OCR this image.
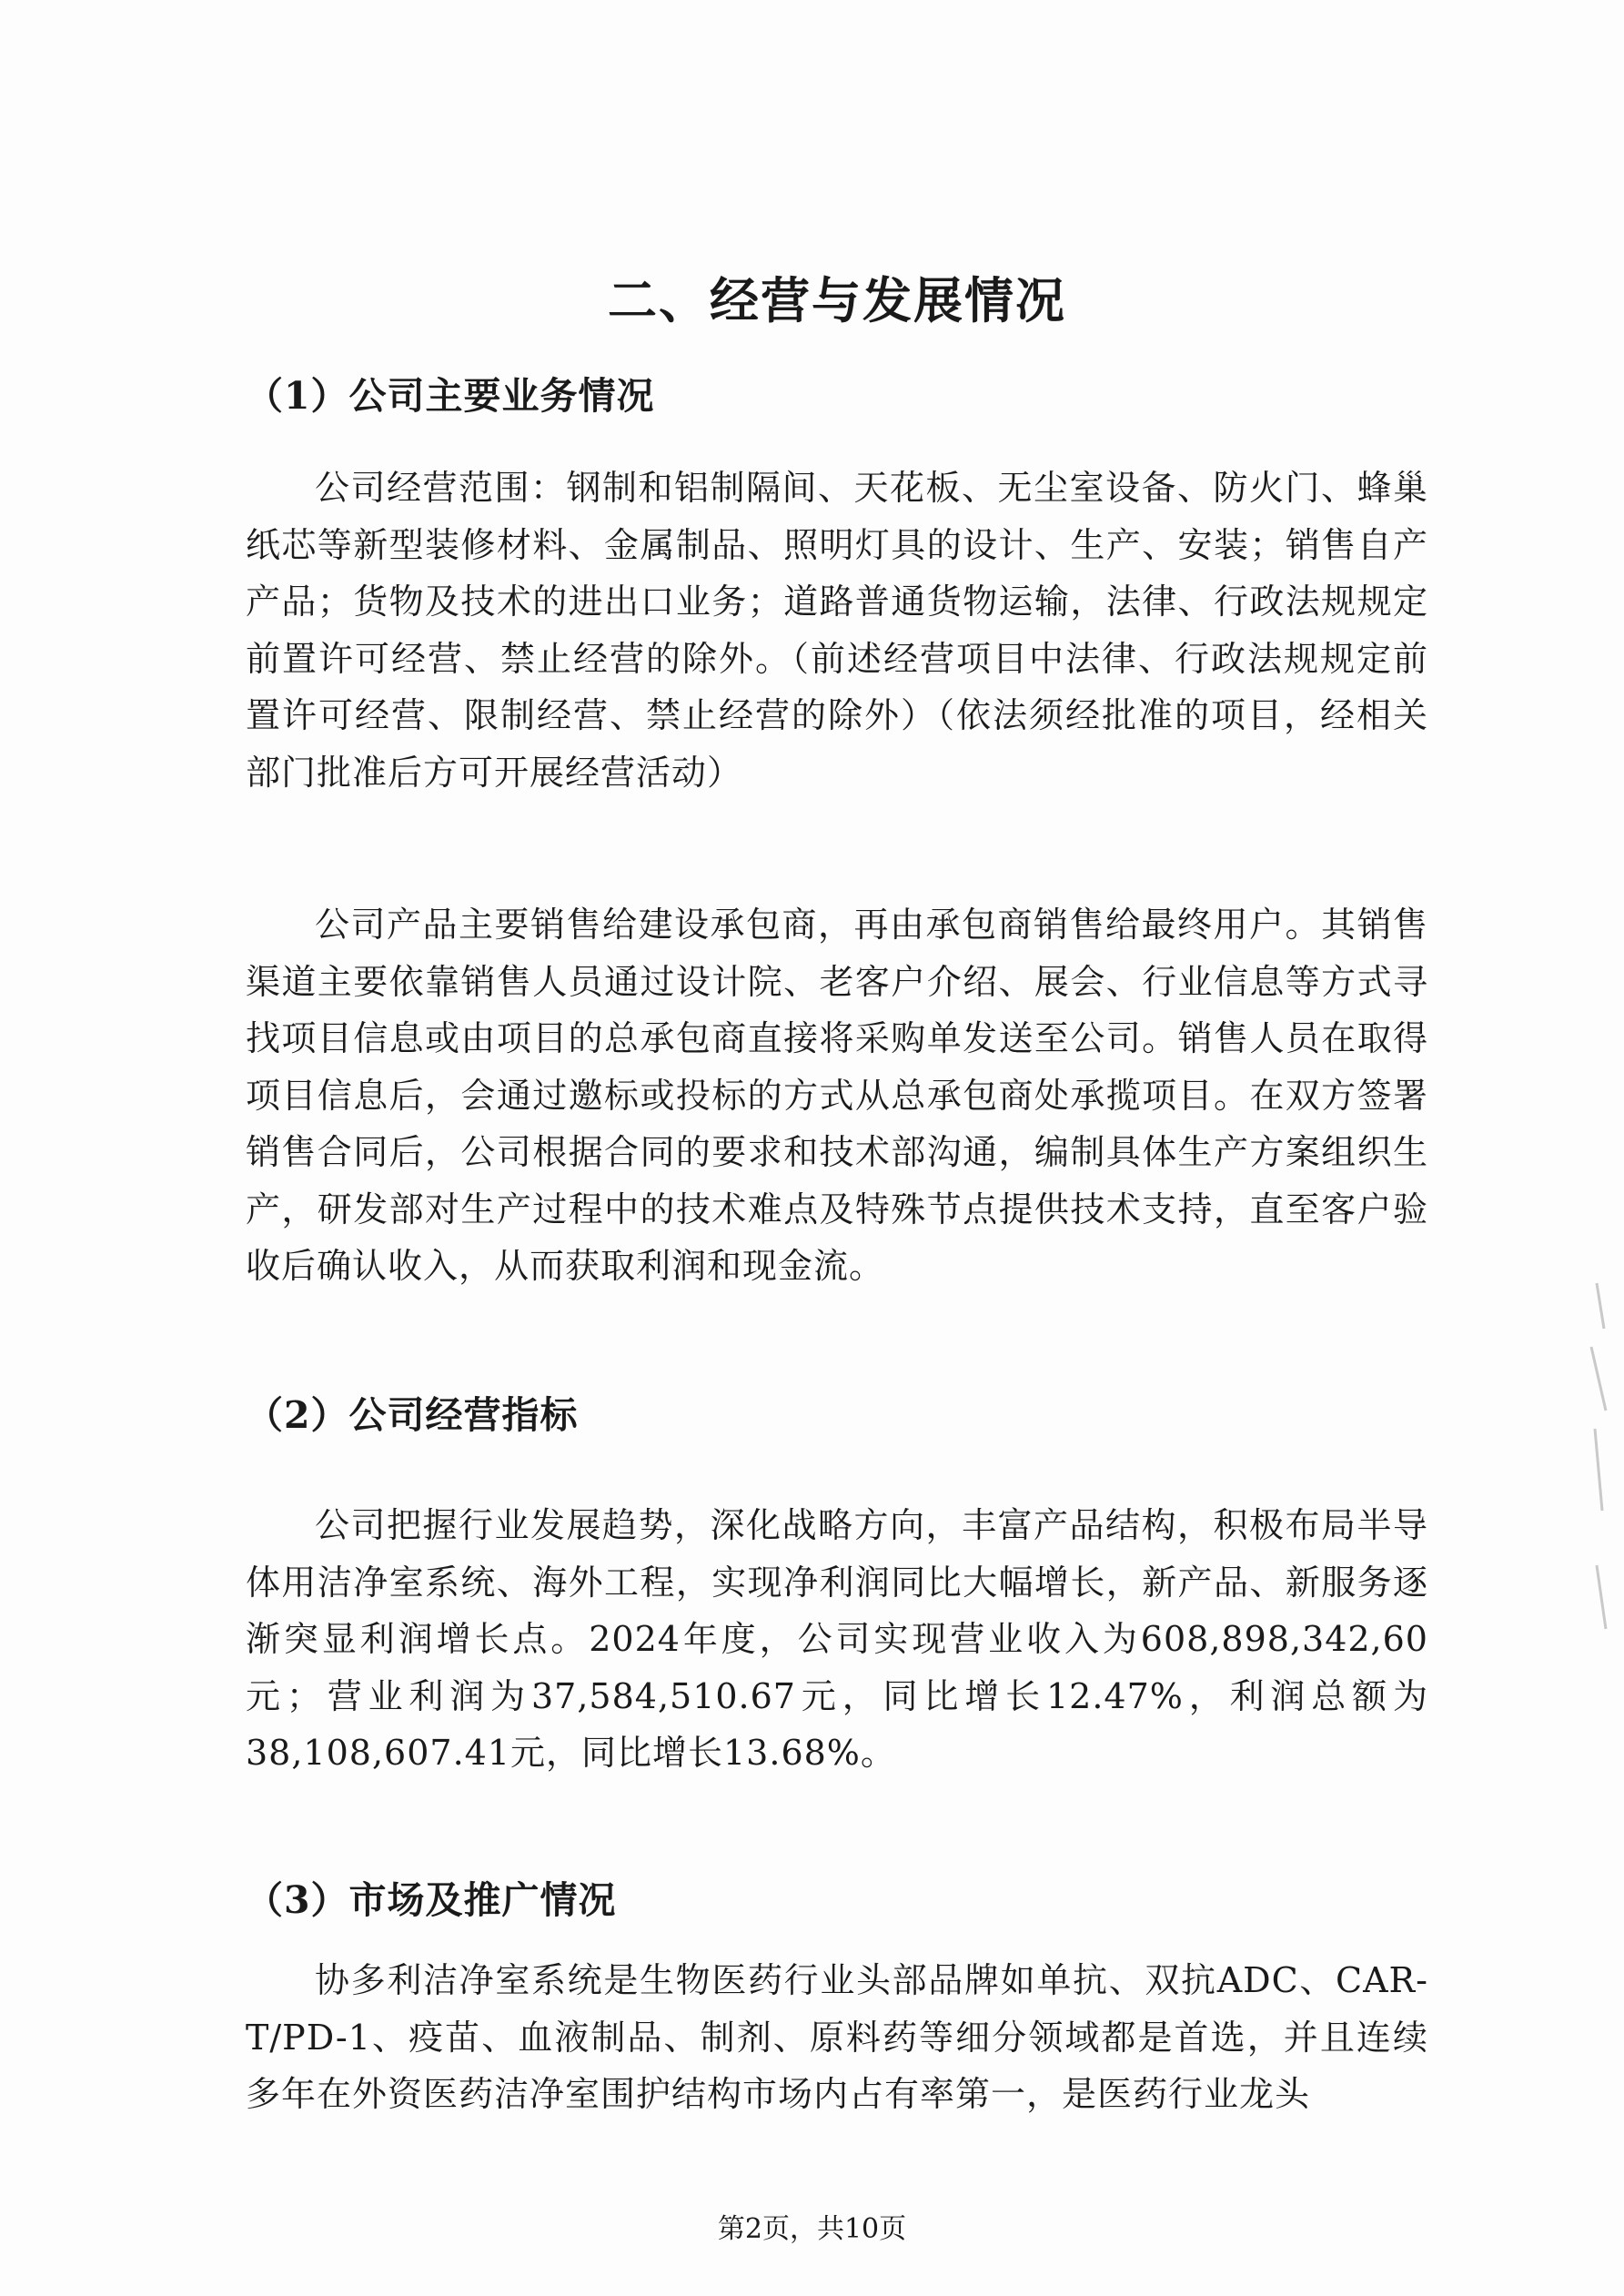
二、经营与发展情况
（1）公司主要业务情况

公司经营范围：钢制和铝制隔间、天花板、无尘室设备、防火门、蜂巢纸芯等新型装修材料、金属制品、照明灯具的设计、生产、安装；销售自产产品；货物及技术的进出口业务；道路普通货物运输，法律、行政法规规定前置许可经营、禁止经营的除外。（前述经营项目中法律、行政法规规定前置许可经营、限制经营、禁止经营的除外）（依法须经批准的项目，经相关部门批准后方可开展经营活动）

公司产品主要销售给建设承包商，再由承包商销售给最终用户。其销售渠道主要依靠销售人员通过设计院、老客户介绍、展会、行业信息等方式寻找项目信息或由项目的总承包商直接将采购单发送至公司。销售人员在取得项目信息后，会通过邀标或投标的方式从总承包商处承揽项目。在双方签署销售合同后，公司根据合同的要求和技术部沟通，编制具体生产方案组织生产，研发部对生产过程中的技术难点及特殊节点提供技术支持，直至客户验收后确认收入，从而获取利润和现金流。

（2）公司经营指标

公司把握行业发展趋势，深化战略方向，丰富产品结构，积极布局半导体用洁净室系统、海外工程，实现净利润同比大幅增长，新产品、新服务逐渐突显利润增长点。2024年度，公司实现营业收入为608,898,342,60元；营业利润为37,584,510.67元，同比增长12.47%，利润总额为38,108,607.41元，同比增长13.68%。

（3）市场及推广情况

协多利洁净室系统是生物医药行业头部品牌如单抗、双抗ADC、CAR-T/PD-1、疫苗、血液制品、制剂、原料药等细分领域都是首选，并且连续多年在外资医药洁净室围护结构市场内占有率第一，是医药行业龙头

第2页，共10页
